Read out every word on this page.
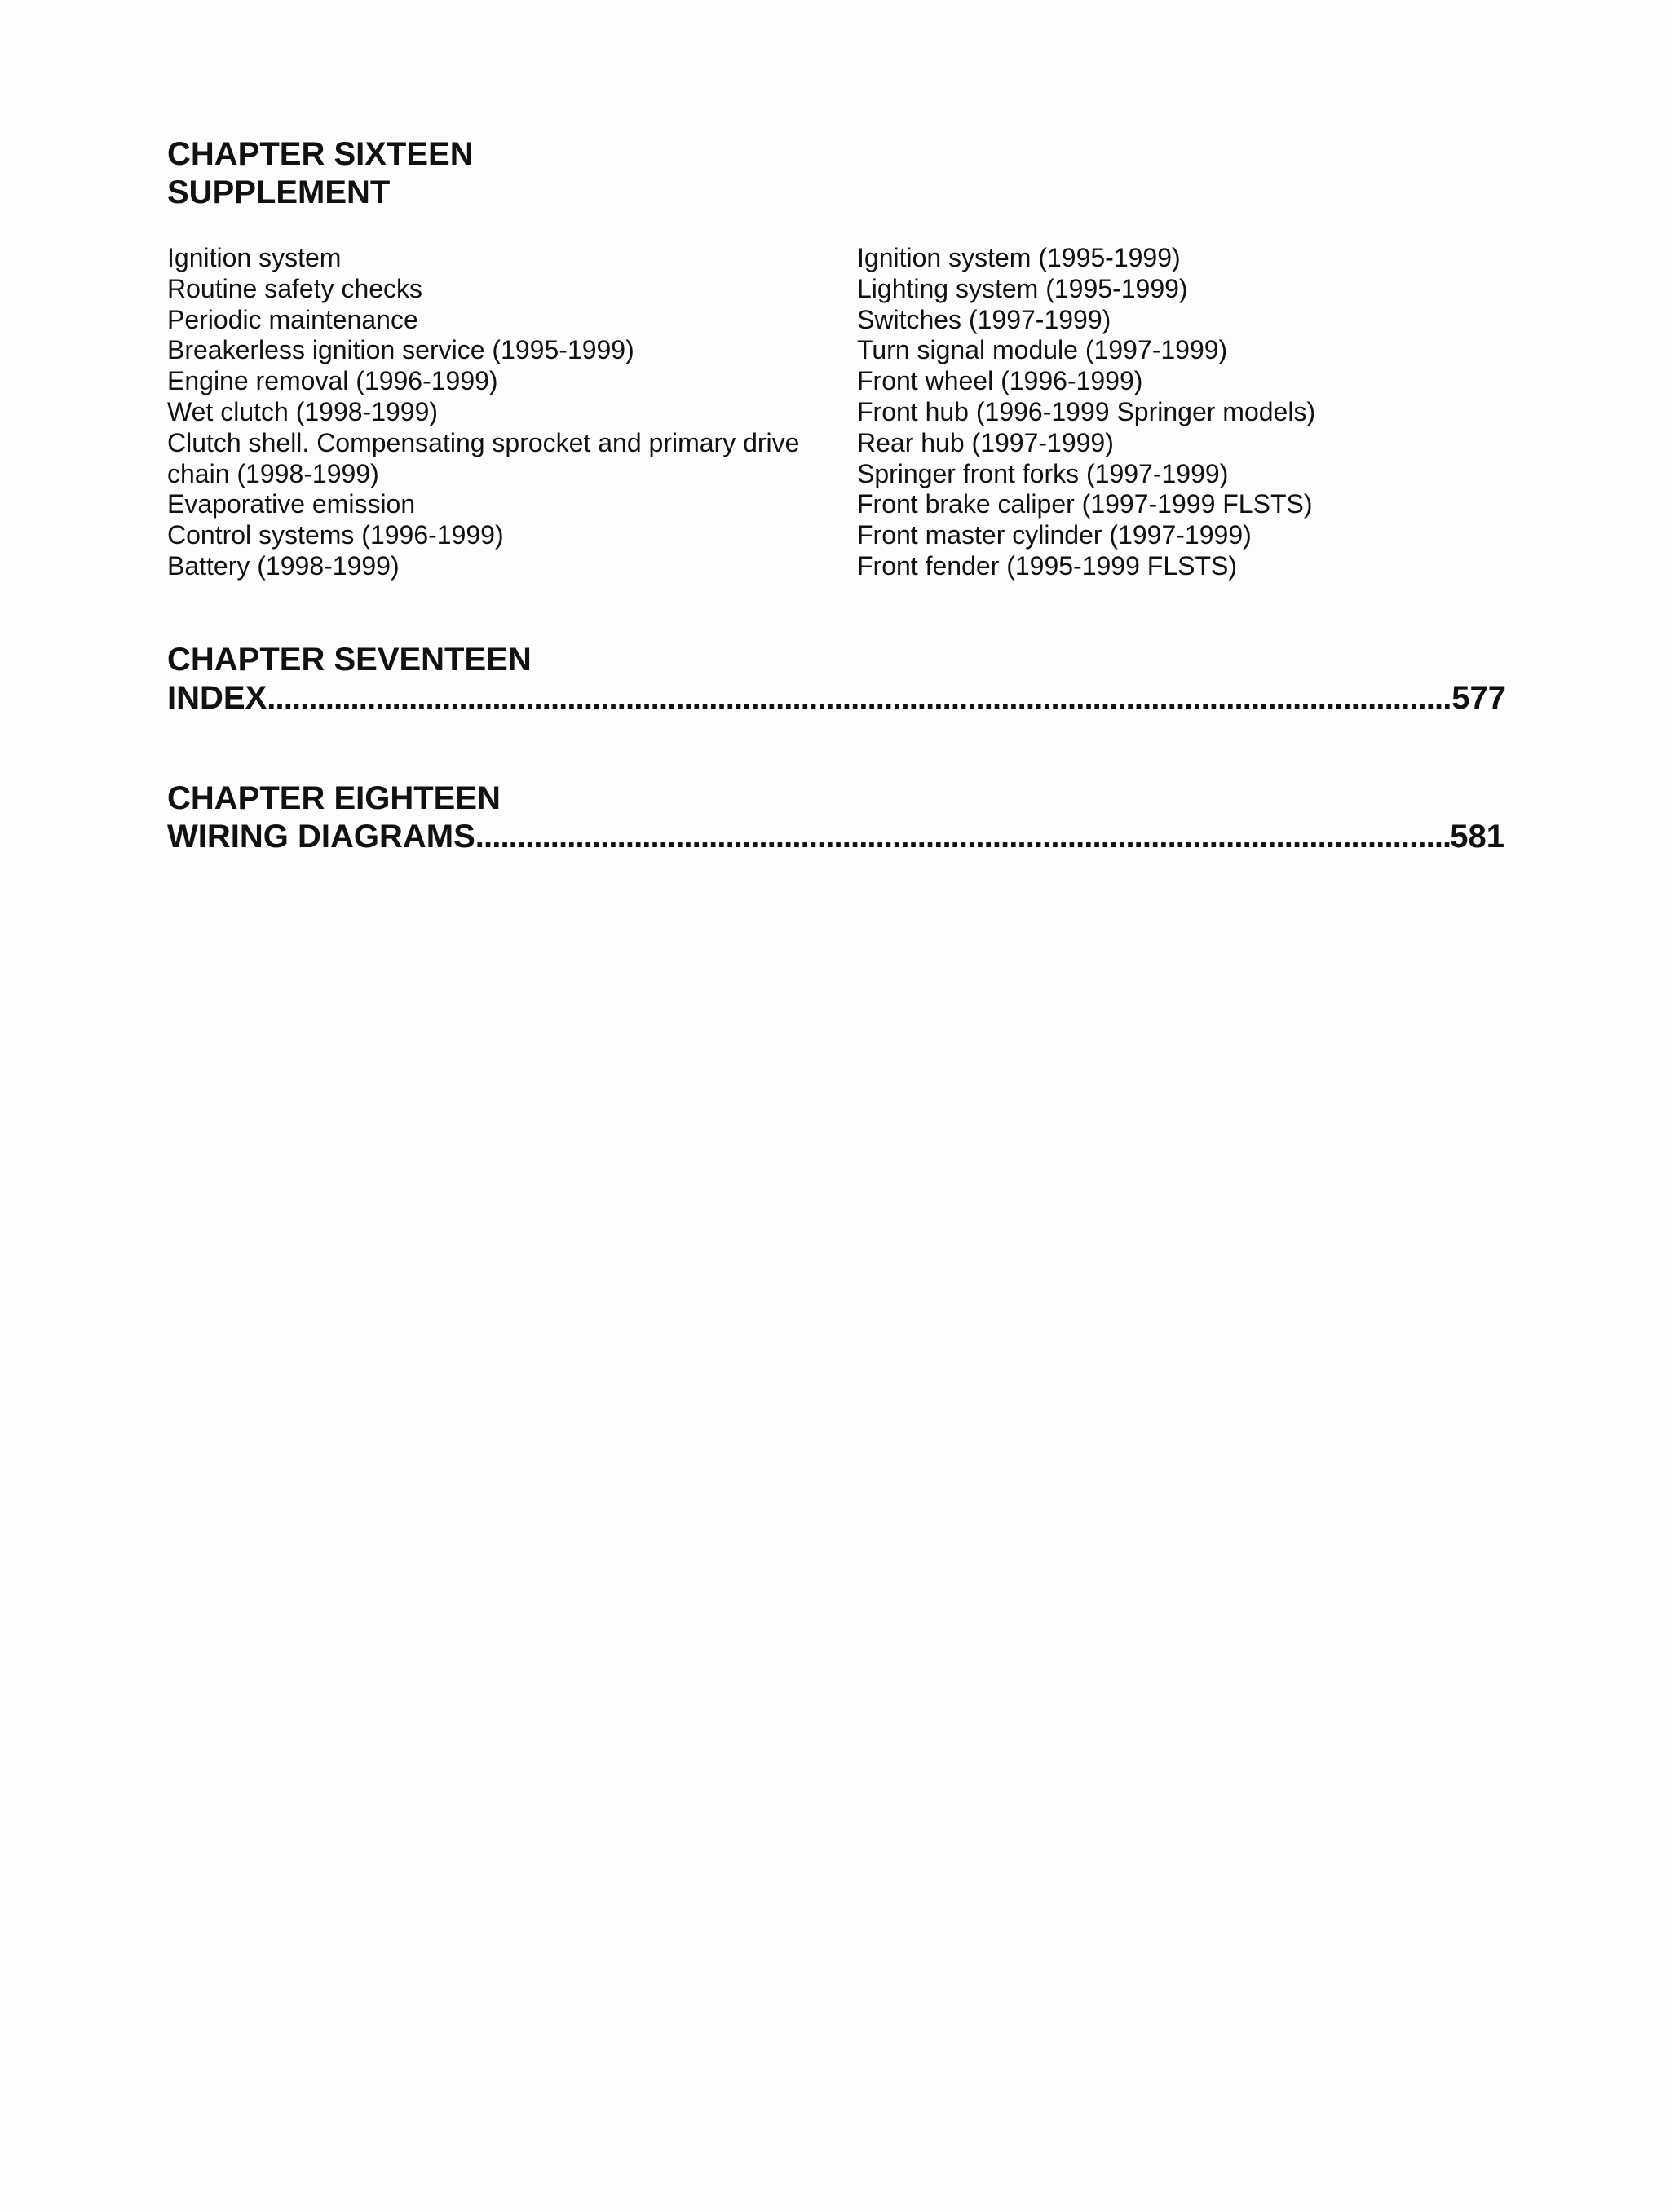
CHAPTER SIXTEEN
SUPPLEMENT
Ignition system
Routine safety checks
Periodic maintenance
Breakerless ignition service (1995-1999)
Engine removal (1996-1999)
Wet clutch (1998-1999)
Clutch shell. Compensating sprocket and primary drive
chain (1998-1999)
Evaporative emission
Control systems (1996-1999)
Battery (1998-1999)
Ignition system (1995-1999)
Lighting system (1995-1999)
Switches (1997-1999)
Turn signal module (1997-1999)
Front wheel (1996-1999)
Front hub (1996-1999 Springer models)
Rear hub (1997-1999)
Springer front forks (1997-1999)
Front brake caliper (1997-1999 FLSTS)
Front master cylinder (1997-1999)
Front fender (1995-1999 FLSTS)
CHAPTER SEVENTEEN
INDEX . . .	577
CHAPTER EIGHTEEN
WIRING DIAGRAMS . . .	581
